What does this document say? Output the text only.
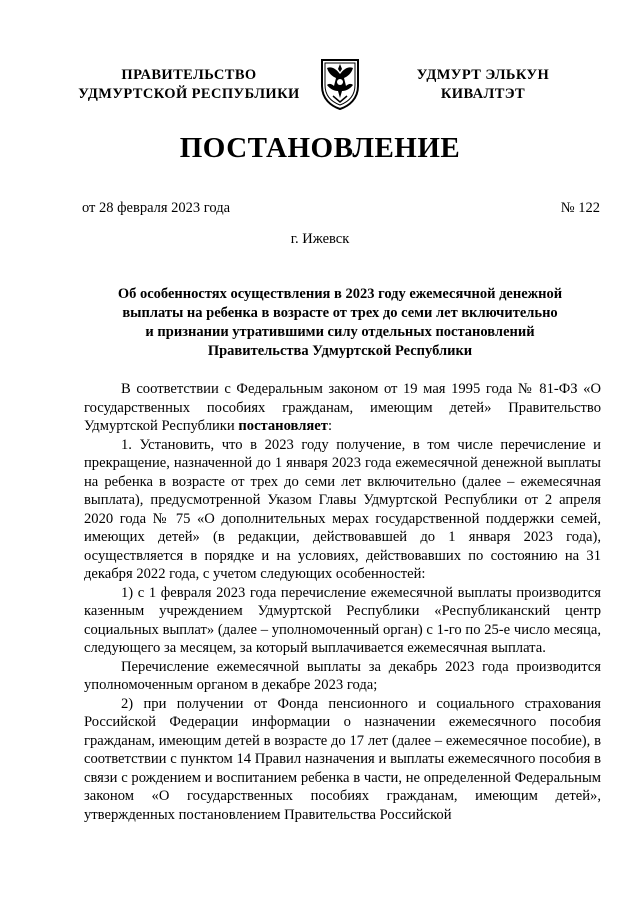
ПРАВИТЕЛЬСТВО
УДМУРТСКОЙ РЕСПУБЛИКИ
УДМУРТ ЭЛЬКУН
КИВАЛТЭТ
ПОСТАНОВЛЕНИЕ
от 28 февраля 2023 года	№ 122
г. Ижевск
Об особенностях осуществления в 2023 году ежемесячной денежной
выплаты на ребенка в возрасте от трех до семи лет включительно
и признании утратившими силу отдельных постановлений
Правительства Удмуртской Республики

В соответствии с Федеральным законом от 19 мая 1995 года № 81-ФЗ «О государственных пособиях гражданам, имеющим детей» Правительство Удмуртской Республики постановляет:

1. Установить, что в 2023 году получение, в том числе перечисление и прекращение, назначенной до 1 января 2023 года ежемесячной денежной выплаты на ребенка в возрасте от трех до семи лет включительно (далее – ежемесячная выплата), предусмотренной Указом Главы Удмуртской Республики от 2 апреля 2020 года № 75 «О дополнительных мерах государственной поддержки семей, имеющих детей» (в редакции, действовавшей до 1 января 2023 года), осуществляется в порядке и на условиях, действовавших по состоянию на 31 декабря 2022 года, с учетом следующих особенностей:

1) с 1 февраля 2023 года перечисление ежемесячной выплаты производится казенным учреждением Удмуртской Республики «Республиканский центр социальных выплат» (далее – уполномоченный орган) с 1-го по 25-е число месяца, следующего за месяцем, за который выплачивается ежемесячная выплата.

Перечисление ежемесячной выплаты за декабрь 2023 года производится уполномоченным органом в декабре 2023 года;

2) при получении от Фонда пенсионного и социального страхования Российской Федерации информации о назначении ежемесячного пособия гражданам, имеющим детей в возрасте до 17 лет (далее – ежемесячное пособие), в соответствии с пунктом 14 Правил назначения и выплаты ежемесячного пособия в связи с рождением и воспитанием ребенка в части, не определенной Федеральным законом «О государственных пособиях гражданам, имеющим детей», утвержденных постановлением Правительства Российской
